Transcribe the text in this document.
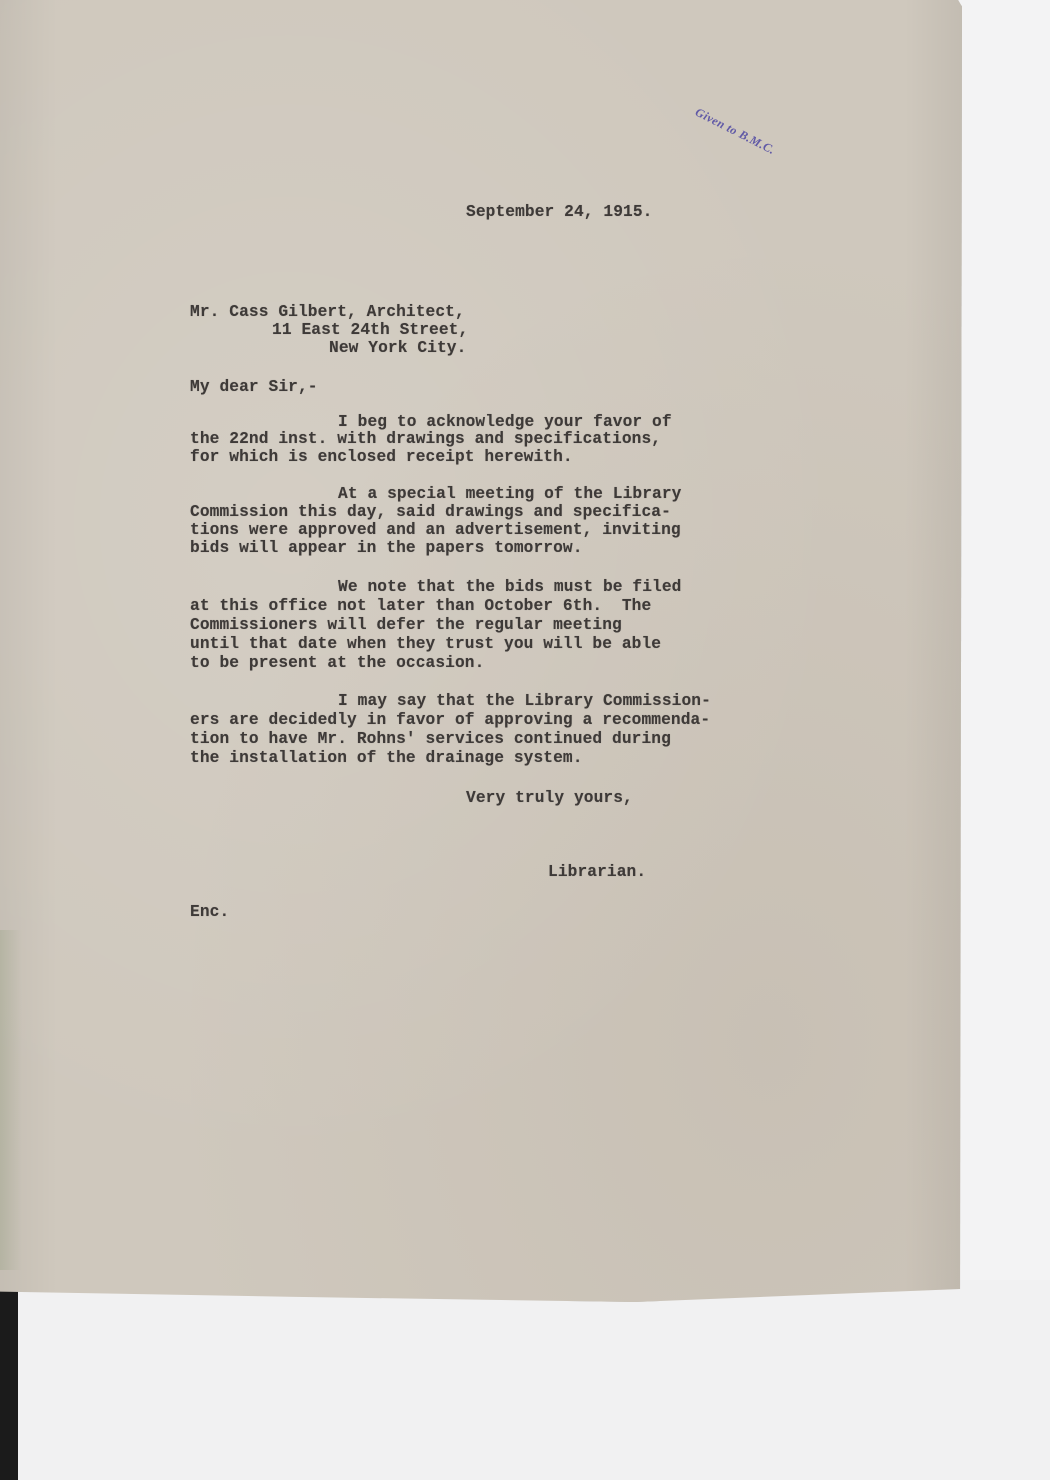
Given to B.M.C.
September 24, 1915.
Mr. Cass Gilbert, Architect,
11 East 24th Street,
New York City.
My dear Sir,-
I beg to acknowledge your favor of
the 22nd inst. with drawings and specifications,
for which is enclosed receipt herewith.
At a special meeting of the Library
Commission this day, said drawings and specifica-
tions were approved and an advertisement, inviting
bids will appear in the papers tomorrow.
We note that the bids must be filed
at this office not later than October 6th.  The
Commissioners will defer the regular meeting
until that date when they trust you will be able
to be present at the occasion.
I may say that the Library Commission-
ers are decidedly in favor of approving a recommenda-
tion to have Mr. Rohns' services continued during
the installation of the drainage system.
Very truly yours,
Librarian.
Enc.
